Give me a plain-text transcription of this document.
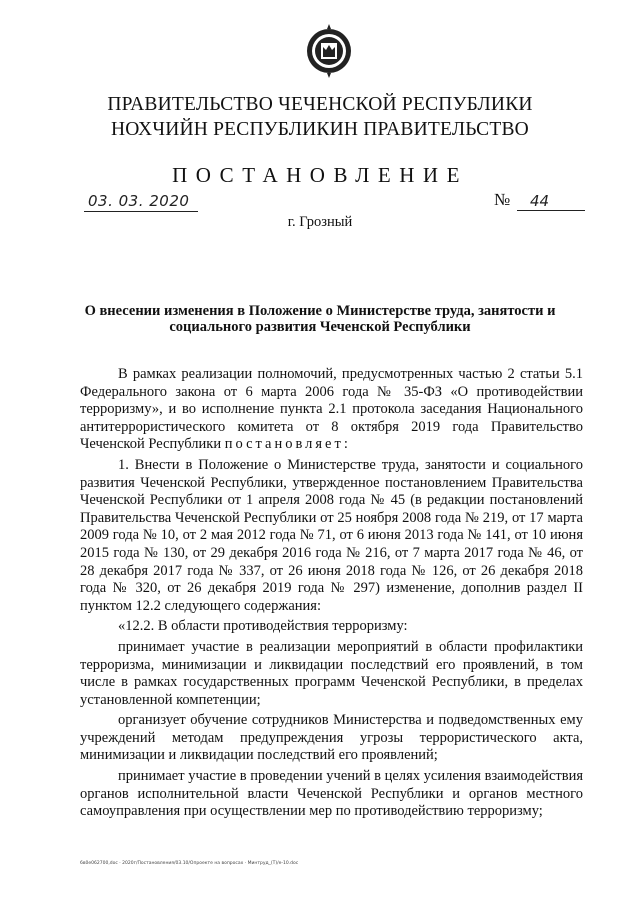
ПРАВИТЕЛЬСТВО ЧЕЧЕНСКОЙ РЕСПУБЛИКИ
НОХЧИЙН РЕСПУБЛИКИН ПРАВИТЕЛЬСТВО
ПОСТАНОВЛЕНИЕ
03. 03. 2020	№ 44
г. Грозный
О внесении изменения в Положение о Министерстве труда, занятости и социального развития Чеченской Республики

В рамках реализации полномочий, предусмотренных частью 2 статьи 5.1 Федерального закона от 6 марта 2006 года № 35-ФЗ «О противодействии терроризму», и во исполнение пункта 2.1 протокола заседания Национального антитеррористического комитета от 8 октября 2019 года Правительство Чеченской Республики постановляет:

1. Внести в Положение о Министерстве труда, занятости и социального развития Чеченской Республики, утвержденное постановлением Правительства Чеченской Республики от 1 апреля 2008 года № 45 (в редакции постановлений Правительства Чеченской Республики от 25 ноября 2008 года № 219, от 17 марта 2009 года № 10, от 2 мая 2012 года № 71, от 6 июня 2013 года № 141, от 10 июня 2015 года № 130, от 29 декабря 2016 года № 216, от 7 марта 2017 года № 46, от 28 декабря 2017 года № 337, от 26 июня 2018 года № 126, от 26 декабря 2018 года № 320, от 26 декабря 2019 года № 297) изменение, дополнив раздел II пунктом 12.2 следующего содержания:

«12.2. В области противодействия терроризму:

принимает участие в реализации мероприятий в области профилактики терроризма, минимизации и ликвидации последствий его проявлений, в том числе в рамках государственных программ Чеченской Республики, в пределах установленной компетенции;

организует обучение сотрудников Министерства и подведомственных ему учреждений методам предупреждения угрозы террористического акта, минимизации и ликвидации последствий его проявлений;

принимает участие в проведении учений в целях усиления взаимодействия органов исполнительной власти Чеченской Республики и органов местного самоуправления при осуществлении мер по противодействию терроризму;

6в0е062700,doc · 2020г/Постановления/03.10/Опроекте на вопросах · Минтруд_(Т)/е-10.doc
